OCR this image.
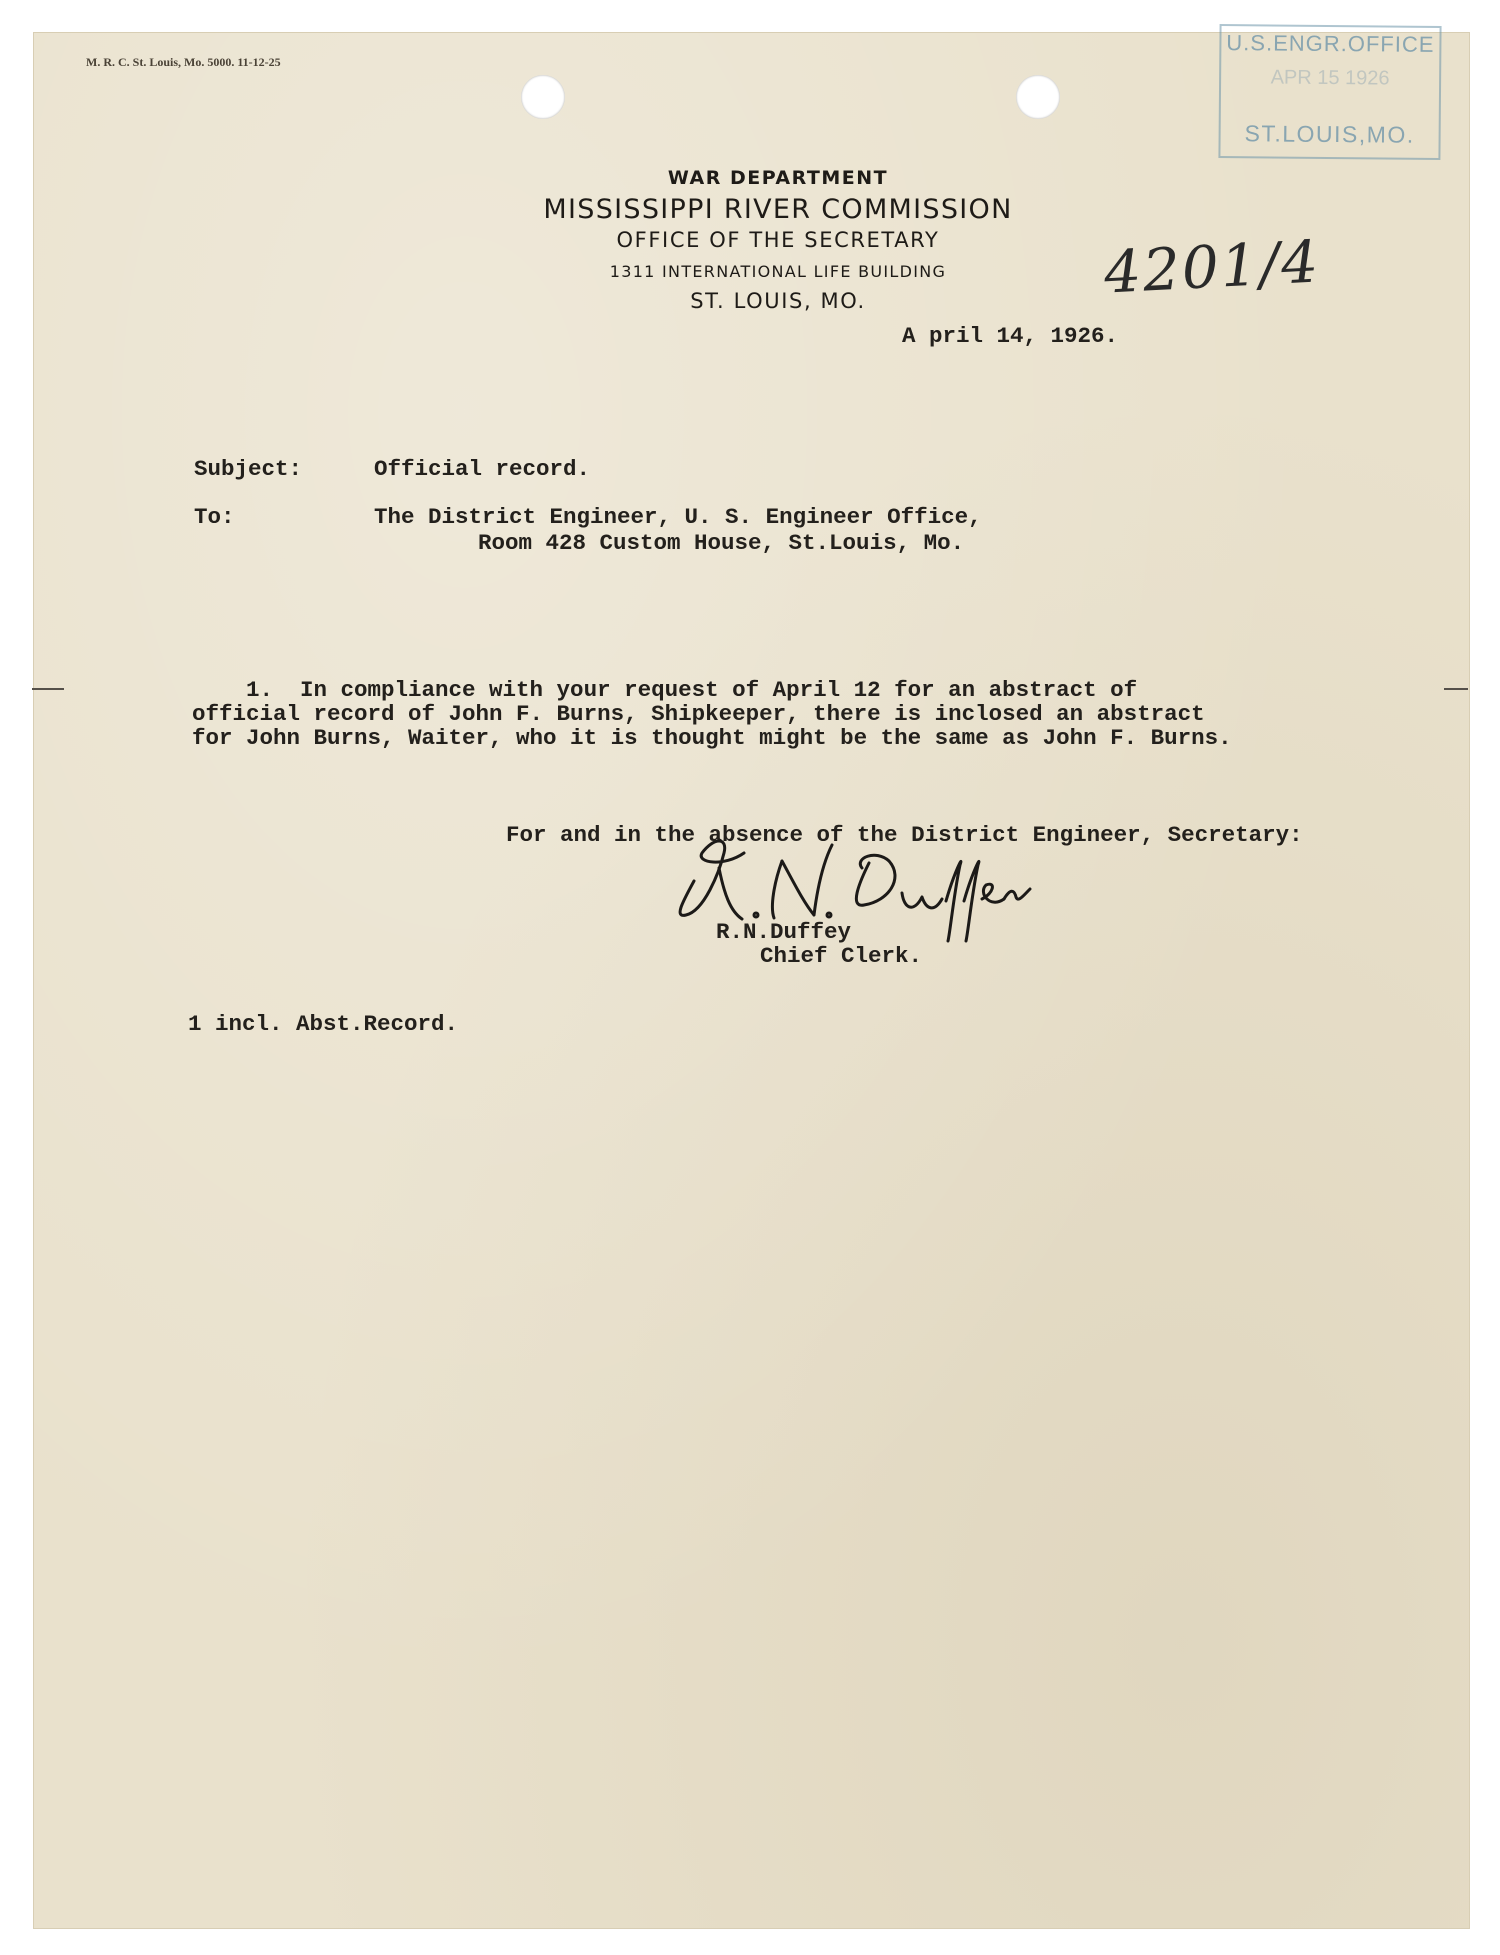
M. R. C. St. Louis, Mo. 5000. 11-12-25
U.S.ENGR.OFFICE
APR 15 1926
ST.LOUIS,MO.
WAR DEPARTMENT
MISSISSIPPI RIVER COMMISSION
OFFICE OF THE SECRETARY
1311 INTERNATIONAL LIFE BUILDING
ST. LOUIS, MO.	4201/4
A pril 14, 1926.
Subject:	Official record.
To:	The District Engineer, U. S. Engineer Office,
Room 428 Custom House, St.Louis, Mo.
1.  In compliance with your request of April 12 for an abstract of
official record of John F. Burns, Shipkeeper, there is inclosed an abstract
for John Burns, Waiter, who it is thought might be the same as John F. Burns.
For and in the absence of the District Engineer, Secretary:
R.N.Duffey
Chief Clerk.
1 incl. Abst.Record.
